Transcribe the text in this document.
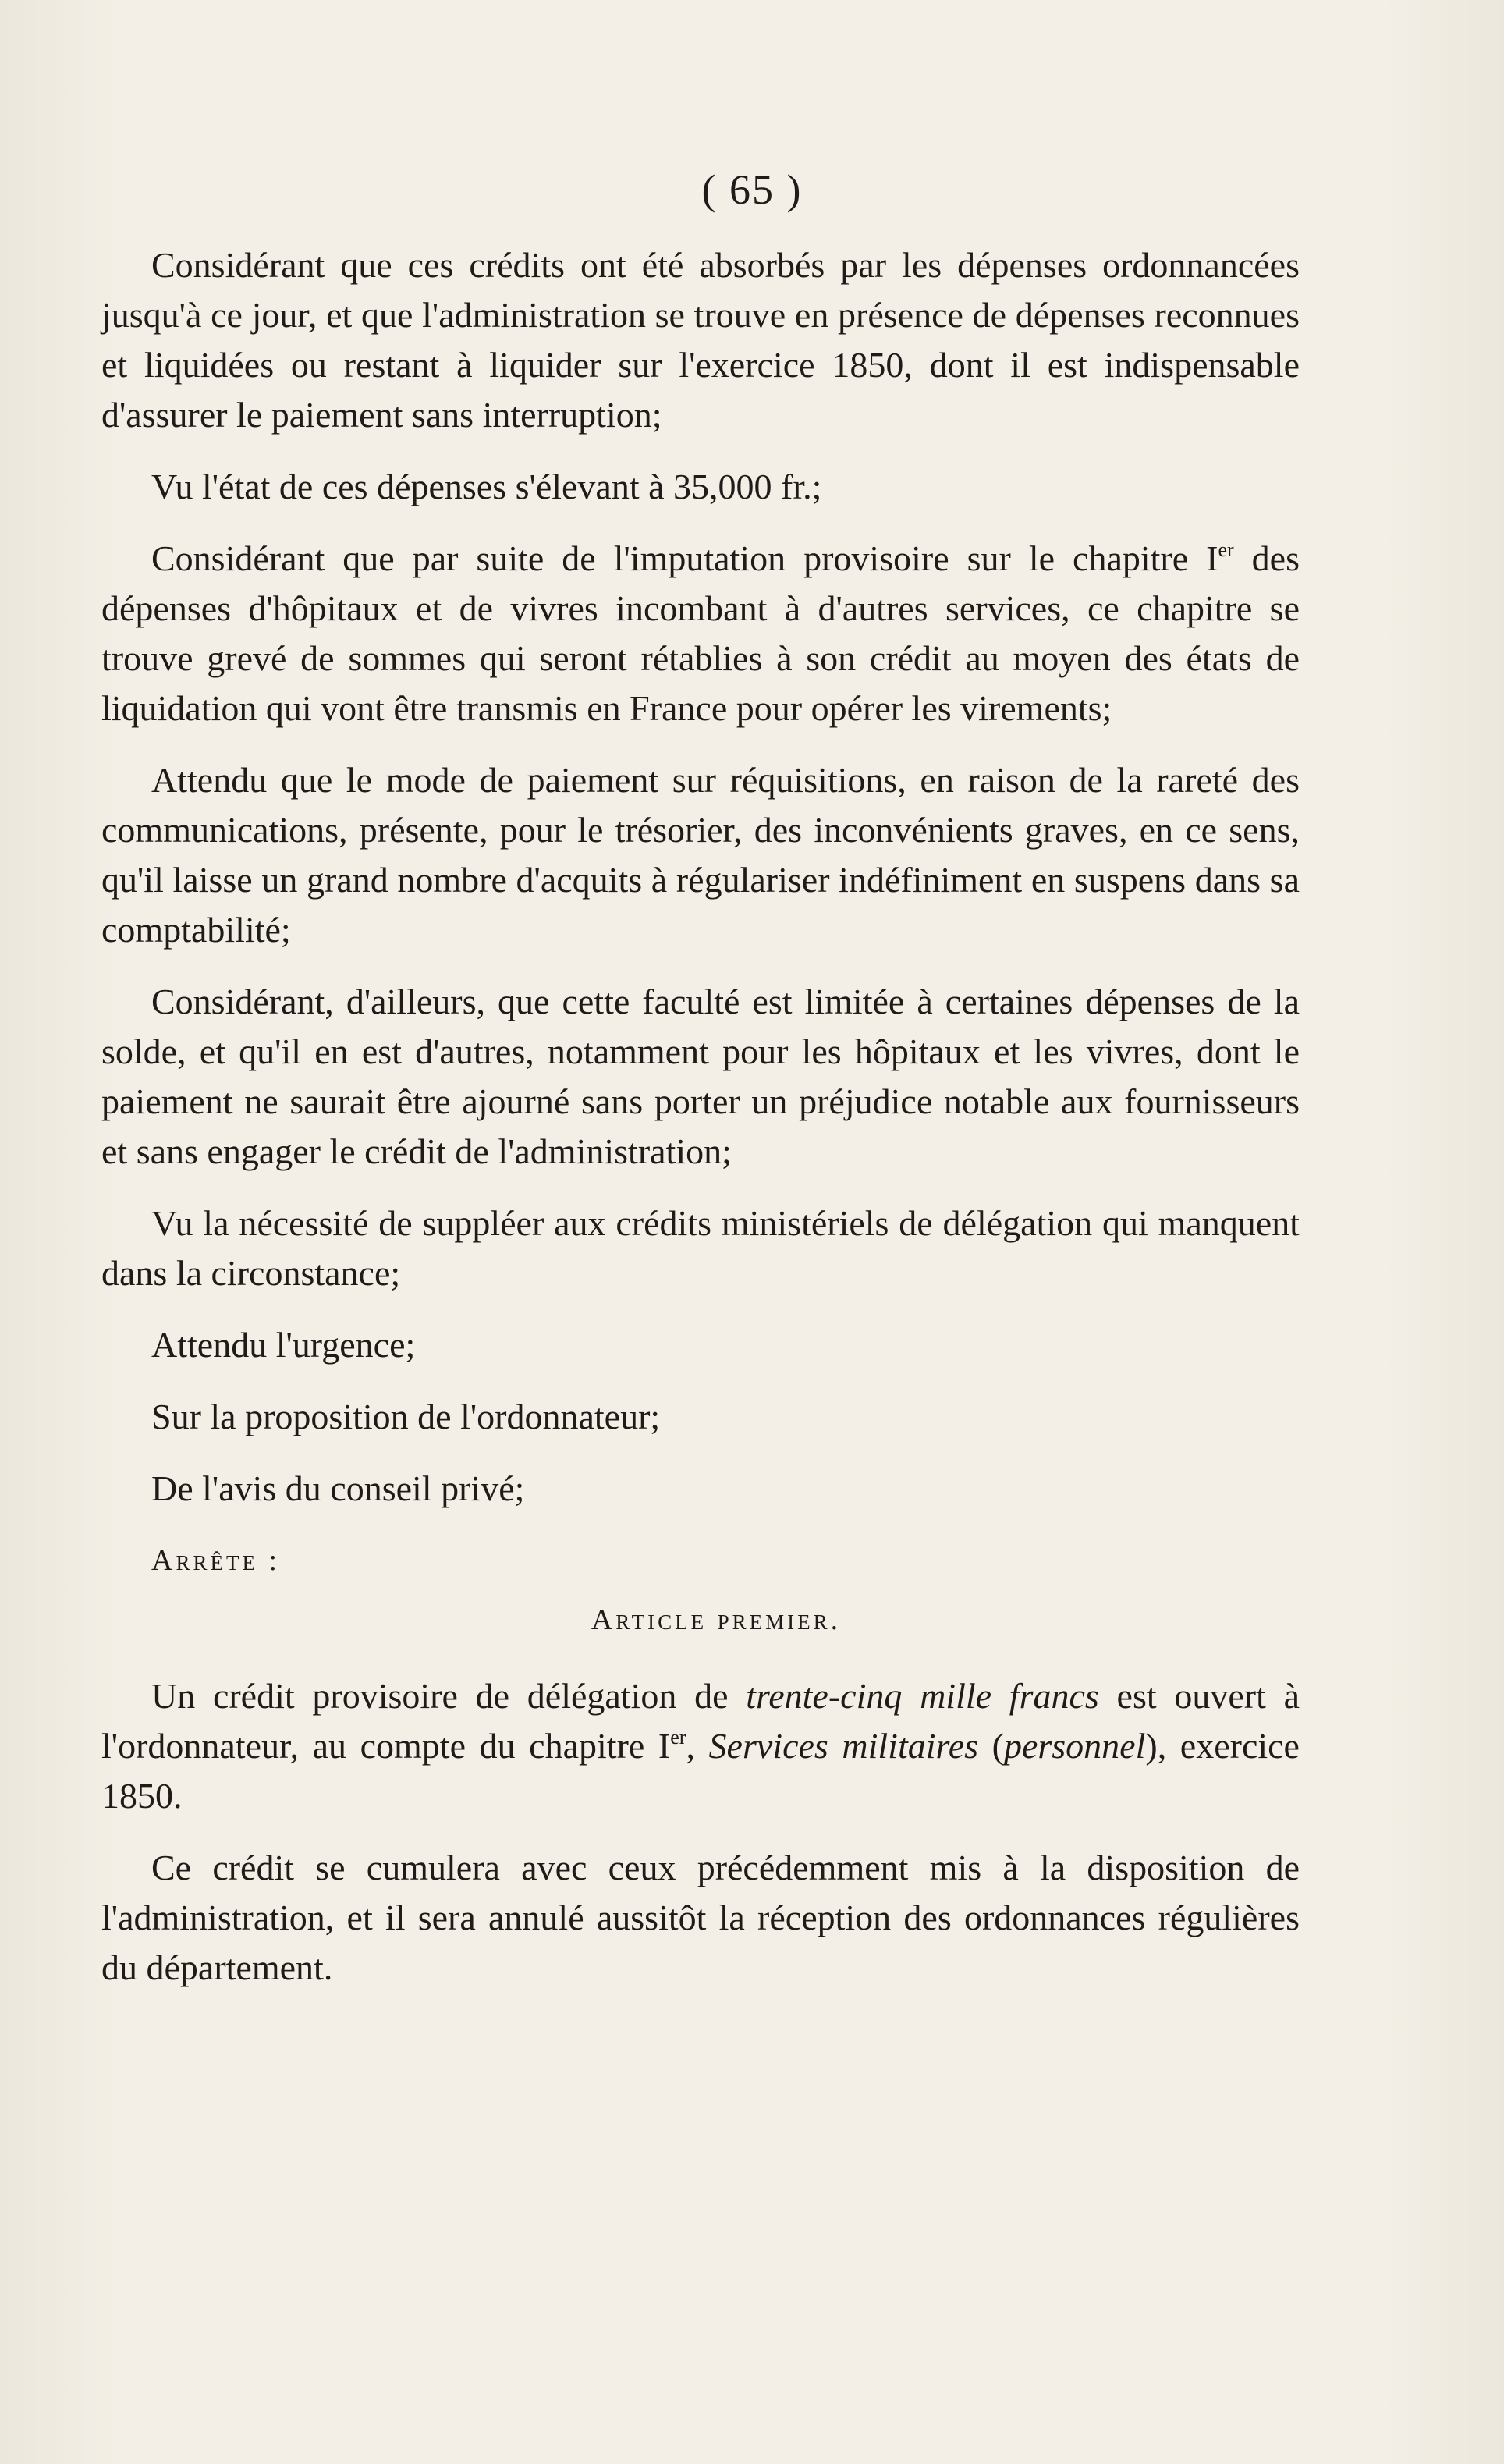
( 65 )

Considérant que ces crédits ont été absorbés par les dépenses ordonnancées jusqu'à ce jour, et que l'administration se trouve en présence de dépenses reconnues et liquidées ou restant à liquider sur l'exercice 1850, dont il est indispensable d'assurer le paiement sans interruption;

Vu l'état de ces dépenses s'élevant à 35,000 fr.;

Considérant que par suite de l'imputation provisoire sur le chapitre Ier des dépenses d'hôpitaux et de vivres incombant à d'autres services, ce chapitre se trouve grevé de sommes qui seront rétablies à son crédit au moyen des états de liquidation qui vont être transmis en France pour opérer les virements;

Attendu que le mode de paiement sur réquisitions, en raison de la rareté des communications, présente, pour le trésorier, des inconvénients graves, en ce sens, qu'il laisse un grand nombre d'acquits à régulariser indéfiniment en suspens dans sa comptabilité;

Considérant, d'ailleurs, que cette faculté est limitée à certaines dépenses de la solde, et qu'il en est d'autres, notamment pour les hôpitaux et les vivres, dont le paiement ne saurait être ajourné sans porter un préjudice notable aux fournisseurs et sans engager le crédit de l'administration;

Vu la nécessité de suppléer aux crédits ministériels de délégation qui manquent dans la circonstance;

Attendu l'urgence;

Sur la proposition de l'ordonnateur;

De l'avis du conseil privé;

Arrête :
Article premier.

Un crédit provisoire de délégation de trente-cinq mille francs est ouvert à l'ordonnateur, au compte du chapitre Ier, Services militaires (personnel), exercice 1850.

Ce crédit se cumulera avec ceux précédemment mis à la disposition de l'administration, et il sera annulé aussitôt la réception des ordonnances régulières du département.
